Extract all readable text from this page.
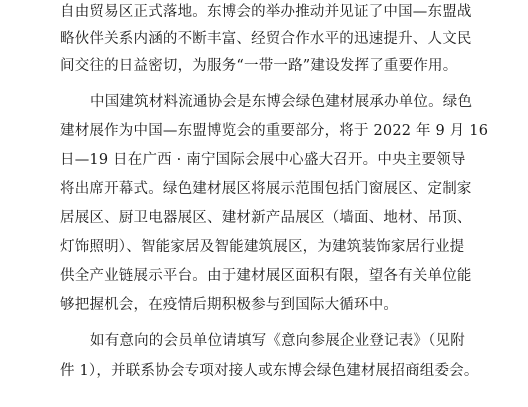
自由贸易区正式落地。东博会的举办推动并见证了中国—东盟战
略伙伴关系内涵的不断丰富、经贸合作水平的迅速提升、人文民
间交往的日益密切，为服务“一带一路”建设发挥了重要作用。
中国建筑材料流通协会是东博会绿色建材展承办单位。绿色
建材展作为中国—东盟博览会的重要部分，将于 2022 年 9 月 16
日—19 日在广西 · 南宁国际会展中心盛大召开。中央主要领导
将出席开幕式。绿色建材展区将展示范围包括门窗展区、定制家
居展区、厨卫电器展区、建材新产品展区（墙面、地材、吊顶、
灯饰照明）、智能家居及智能建筑展区，为建筑装饰家居行业提
供全产业链展示平台。由于建材展区面积有限，望各有关单位能
够把握机会，在疫情后期积极参与到国际大循环中。
如有意向的会员单位请填写《意向参展企业登记表》（见附
件 1），并联系协会专项对接人或东博会绿色建材展招商组委会。
